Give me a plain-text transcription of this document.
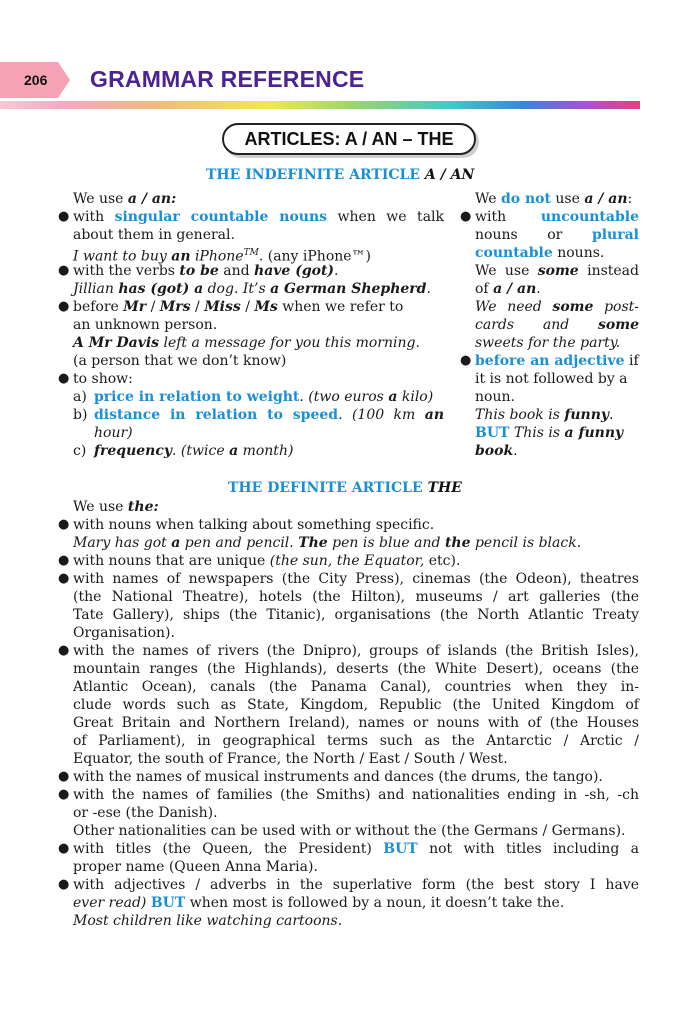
206 GRAMMAR REFERENCE
ARTICLES: A / AN – THE
THE INDEFINITE ARTICLE A / AN
We use a / an:
● with singular countable nouns when we talk
about them in general.
I want to buy an iPhone™. (any iPhone™)
● with the verbs to be and have (got).
Jillian has (got) a dog. It’s a German Shepherd.
● before Mr / Mrs / Miss / Ms when we refer to
an unknown person.
A Mr Davis left a message for you this morning.
(a person that we don’t know)
● to show:
a) price in relation to weight. (two euros a kilo)
b) distance in relation to speed. (100 km an
hour)
c) frequency. (twice a month)
We do not use a / an:
● with uncountable
nouns or plural
countable nouns.
We use some instead
of a / an.
We need some post-
cards and some
sweets for the party.
● before an adjective if
it is not followed by a
noun.
This book is funny.
BUT This is a funny
book.
THE DEFINITE ARTICLE THE
We use the:
● with nouns when talking about something specific.
Mary has got a pen and pencil. The pen is blue and the pencil is black.
● with nouns that are unique (the sun, the Equator, etc).
● with names of newspapers (the City Press), cinemas (the Odeon), theatres
(the National Theatre), hotels (the Hilton), museums / art galleries (the
Tate Gallery), ships (the Titanic), organisations (the North Atlantic Treaty
Organisation).
● with the names of rivers (the Dnipro), groups of islands (the British Isles),
mountain ranges (the Highlands), deserts (the White Desert), oceans (the
Atlantic Ocean), canals (the Panama Canal), countries when they in-
clude words such as State, Kingdom, Republic (the United Kingdom of
Great Britain and Northern Ireland), names or nouns with of (the Houses
of Parliament), in geographical terms such as the Antarctic / Arctic /
Equator, the south of France, the North / East / South / West.
● with the names of musical instruments and dances (the drums, the tango).
● with the names of families (the Smiths) and nationalities ending in -sh, -ch
or -ese (the Danish).
Other nationalities can be used with or without the (the Germans / Germans).
● with titles (the Queen, the President) BUT not with titles including a
proper name (Queen Anna Maria).
● with adjectives / adverbs in the superlative form (the best story I have
ever read) BUT when most is followed by a noun, it doesn’t take the.
Most children like watching cartoons.
